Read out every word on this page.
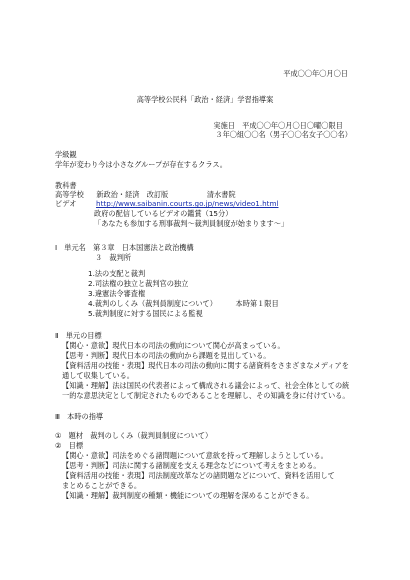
平成〇〇年〇月〇日
高等学校公民科「政治・経済」学習指導案
実施日　平成〇〇年〇月〇日〇曜〇限目
３年〇組〇〇名（男子〇〇名女子〇〇名）
学級観
学年が変わり今は小さなグループが存在するクラス。
教科書
高等学校 新政治・経済　改訂版	清水書院
ビデオ	http://www.saibanin.courts.go.jp/news/video1.html
政府の配信しているビデオの鑑賞（15分）
「あなたも参加する刑事裁判～裁判員制度が始まります～」
Ⅰ　単元名　第３章　日本国憲法と政治機構
３　裁判所
1.法の支配と裁判
2.司法権の独立と裁判官の独立
3.違憲法令審査権
4.裁判のしくみ（裁判員制度について）	本時第１限目
5.裁判制度に対する国民による監視
Ⅱ　単元の目標
【関心・意欲】現代日本の司法の動向について関心が高まっている。
【思考・判断】現代日本の司法の動向から課題を見出している。
【資料活用の技能・表現】現代日本の司法の動向に関する諸資料をさまざまなメディアを
通して収集している。
【知識・理解】法は国民の代表者によって構成される議会によって、社会全体としての統
一的な意思決定として制定されたものであることを理解し、その知識を身に付けている。
Ⅲ　本時の指導
①　題材　裁判のしくみ（裁判員制度について）
②　目標
【関心・意欲】司法をめぐる諸問題について意欲を持って理解しようとしている。
【思考・判断】司法に関する諸制度を支える理念などについて考えをまとめる。
【資料活用の技能・表現】司法制度改革などの諸問題などについて、資料を活用して
まとめることができる。
【知識・理解】裁判制度の種類・機能についての理解を深めることができる。
